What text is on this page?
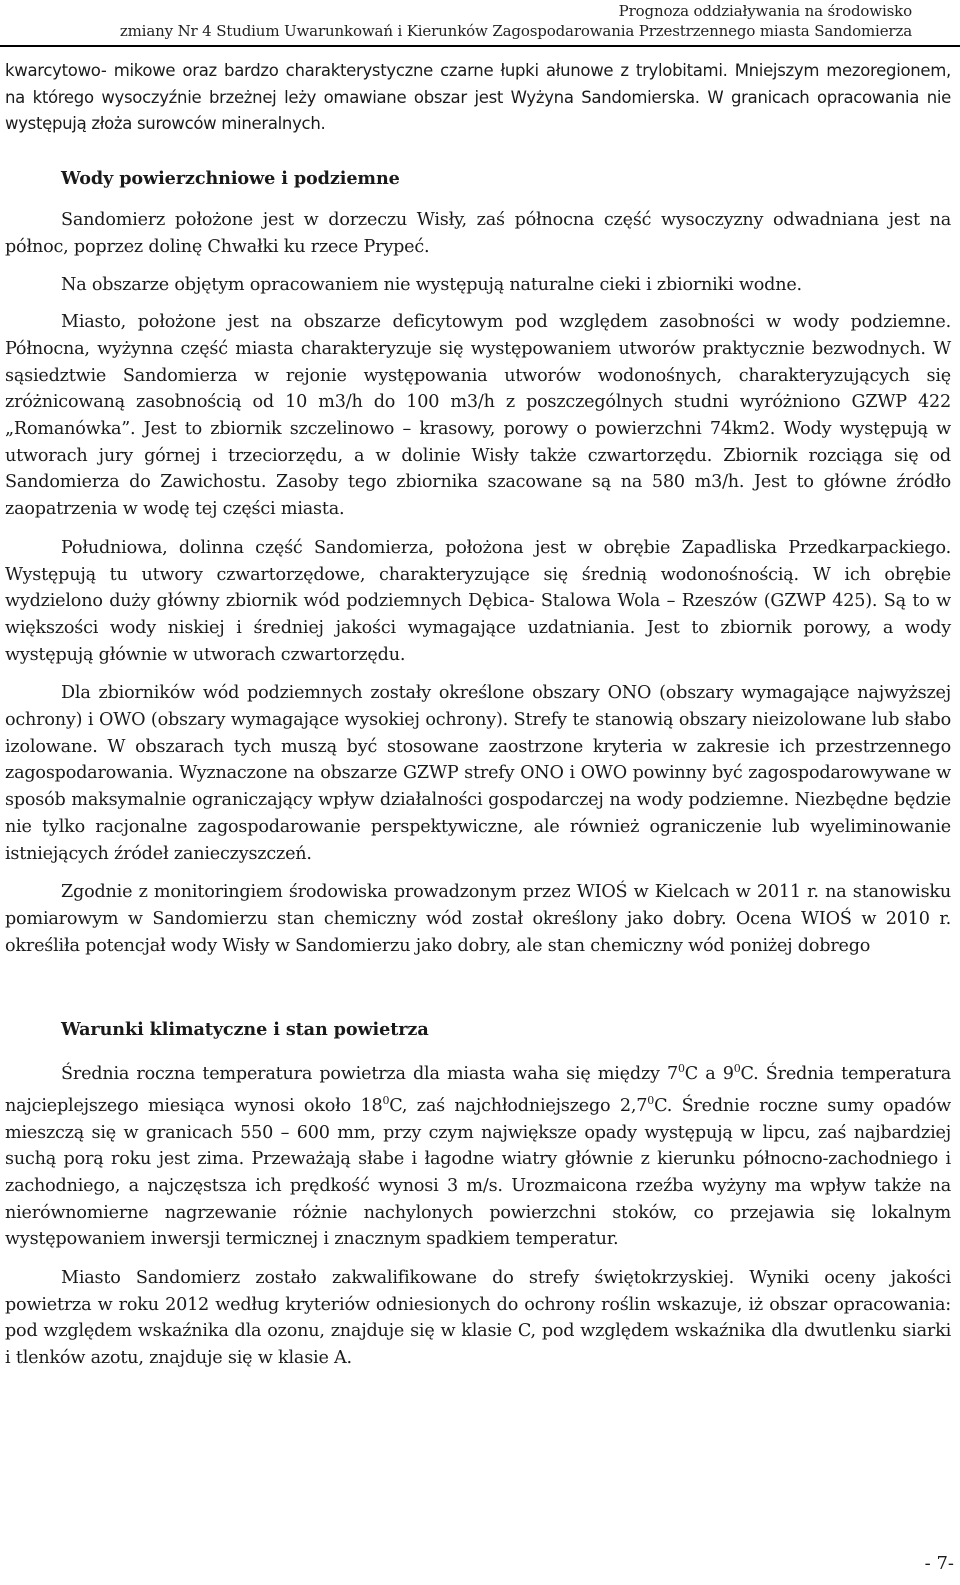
Prognoza oddziaływania na środowisko
zmiany Nr 4 Studium Uwarunkowań i Kierunków Zagospodarowania Przestrzennego miasta Sandomierza

kwarcytowo- mikowe oraz bardzo charakterystyczne czarne łupki ałunowe z trylobitami. Mniejszym mezoregionem, na którego wysoczyźnie brzeżnej leży omawiane obszar jest Wyżyna Sandomierska. W granicach opracowania nie występują złoża surowców mineralnych.

Wody powierzchniowe i podziemne

Sandomierz położone jest w dorzeczu Wisły, zaś północna część wysoczyzny odwadniana jest na północ, poprzez dolinę Chwałki ku rzece Prypeć.

Na obszarze objętym opracowaniem nie występują naturalne cieki i zbiorniki wodne.

Miasto, położone jest na obszarze deficytowym pod względem zasobności w wody podziemne. Północna, wyżynna część miasta charakteryzuje się występowaniem utworów praktycznie bezwodnych. W sąsiedztwie Sandomierza w rejonie występowania utworów wodonośnych, charakteryzujących się zróżnicowaną zasobnością od 10 m3/h do 100 m3/h z poszczególnych studni wyróżniono GZWP 422 „Romanówka”. Jest to zbiornik szczelinowo – krasowy, porowy o powierzchni 74km2. Wody występują w utworach jury górnej i trzeciorzędu, a w dolinie Wisły także czwartorzędu. Zbiornik rozciąga się od Sandomierza do Zawichostu. Zasoby tego zbiornika szacowane są na 580 m3/h. Jest to główne źródło zaopatrzenia w wodę tej części miasta.

Południowa, dolinna część Sandomierza, położona jest w obrębie Zapadliska Przedkarpackiego. Występują tu utwory czwartorzędowe, charakteryzujące się średnią wodonośnością. W ich obrębie wydzielono duży główny zbiornik wód podziemnych Dębica- Stalowa Wola – Rzeszów (GZWP 425). Są to w większości wody niskiej i średniej jakości wymagające uzdatniania. Jest to zbiornik porowy, a wody występują głównie w utworach czwartorzędu.

Dla zbiorników wód podziemnych zostały określone obszary ONO (obszary wymagające najwyższej ochrony) i OWO (obszary wymagające wysokiej ochrony). Strefy te stanowią obszary nieizolowane lub słabo izolowane. W obszarach tych muszą być stosowane zaostrzone kryteria w zakresie ich przestrzennego zagospodarowania. Wyznaczone na obszarze GZWP strefy ONO i OWO powinny być zagospodarowywane w sposób maksymalnie ograniczający wpływ działalności gospodarczej na wody podziemne. Niezbędne będzie nie tylko racjonalne zagospodarowanie perspektywiczne, ale również ograniczenie lub wyeliminowanie istniejących źródeł zanieczyszczeń.

Zgodnie z monitoringiem środowiska prowadzonym przez WIOŚ w Kielcach w 2011 r. na stanowisku pomiarowym w Sandomierzu stan chemiczny wód został określony jako dobry. Ocena WIOŚ w 2010 r. określiła potencjał wody Wisły w Sandomierzu jako dobry, ale stan chemiczny wód poniżej dobrego

Warunki klimatyczne i stan powietrza

Średnia roczna temperatura powietrza dla miasta waha się między $7^0C$ a $9^0C$. Średnia temperatura najcieplejszego miesiąca wynosi około $18^0C$, zaś najchłodniejszego $2,7^0C$. Średnie roczne sumy opadów mieszczą się w granicach 550 – 600 mm, przy czym największe opady występują w lipcu, zaś najbardziej suchą porą roku jest zima. Przeważają słabe i łagodne wiatry głównie z kierunku północno-zachodniego i zachodniego, a najczęstsza ich prędkość wynosi 3 m/s. Urozmaicona rzeźba wyżyny ma wpływ także na nierównomierne nagrzewanie różnie nachylonych powierzchni stoków, co przejawia się lokalnym występowaniem inwersji termicznej i znacznym spadkiem temperatur.

Miasto Sandomierz zostało zakwalifikowane do strefy świętokrzyskiej. Wyniki oceny jakości powietrza w roku 2012 według kryteriów odniesionych do ochrony roślin wskazuje, iż obszar opracowania: pod względem wskaźnika dla ozonu, znajduje się w klasie C, pod względem wskaźnika dla dwutlenku siarki i tlenków azotu, znajduje się w klasie A.

- 7-
